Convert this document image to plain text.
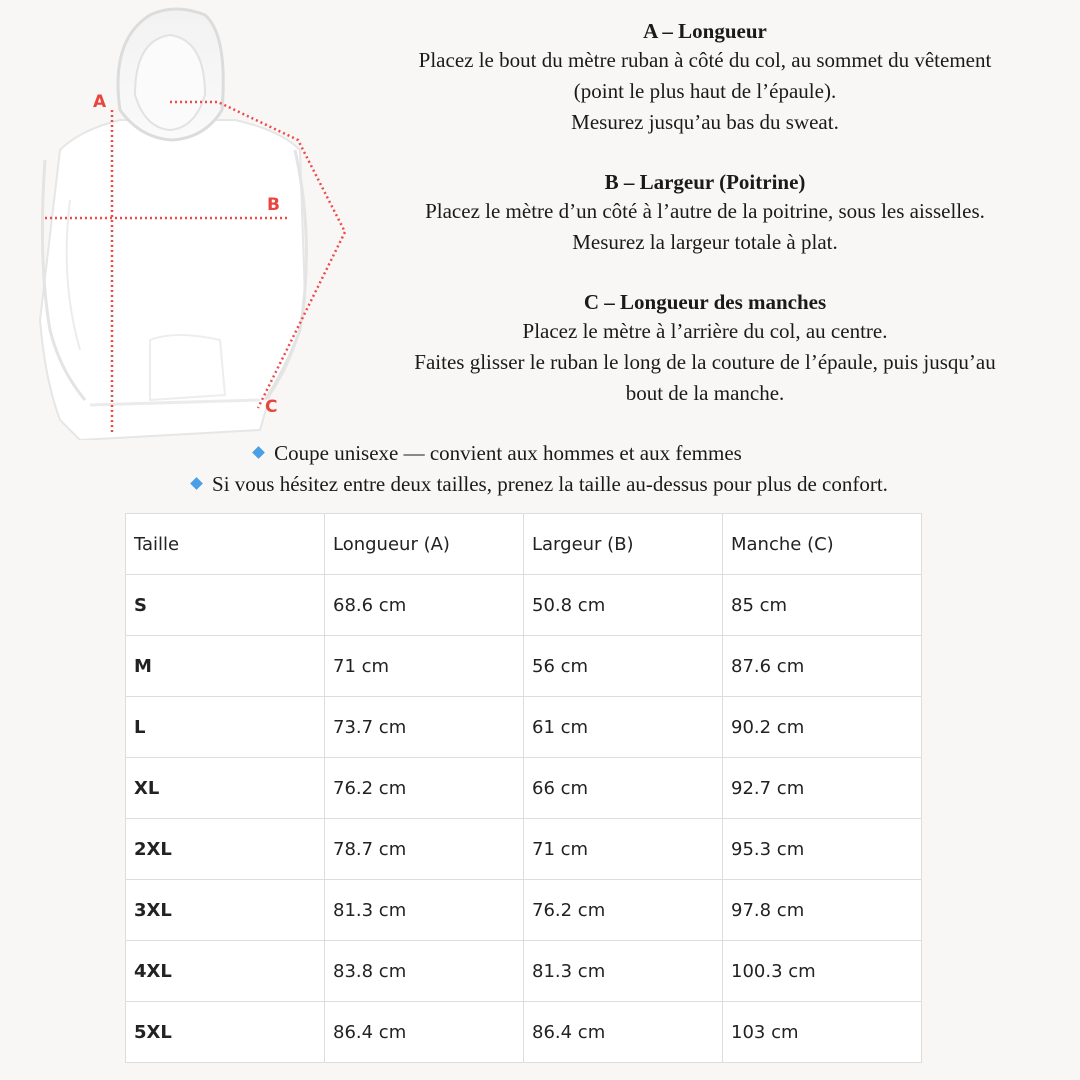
A
B
C
A – Longueur

Placez le bout du mètre ruban à côté du col, au sommet du vêtement

(point le plus haut de l’épaule).

Mesurez jusqu’au bas du sweat.

B – Largeur (Poitrine)

Placez le mètre d’un côté à l’autre de la poitrine, sous les aisselles.

Mesurez la largeur totale à plat.

C – Longueur des manches

Placez le mètre à l’arrière du col, au centre.

Faites glisser le ruban le long de la couture de l’épaule, puis jusqu’au

bout de la manche.

Coupe unisexe — convient aux hommes et aux femmes
Si vous hésitez entre deux tailles, prenez la taille au-dessus pour plus de confort.
Taille	Longueur (A)	Largeur (B)	Manche (C)
S	68.6 cm	50.8 cm	85 cm
M	71 cm	56 cm	87.6 cm
L	73.7 cm	61 cm	90.2 cm
XL	76.2 cm	66 cm	92.7 cm
2XL	78.7 cm	71 cm	95.3 cm
3XL	81.3 cm	76.2 cm	97.8 cm
4XL	83.8 cm	81.3 cm	100.3 cm
5XL	86.4 cm	86.4 cm	103 cm
